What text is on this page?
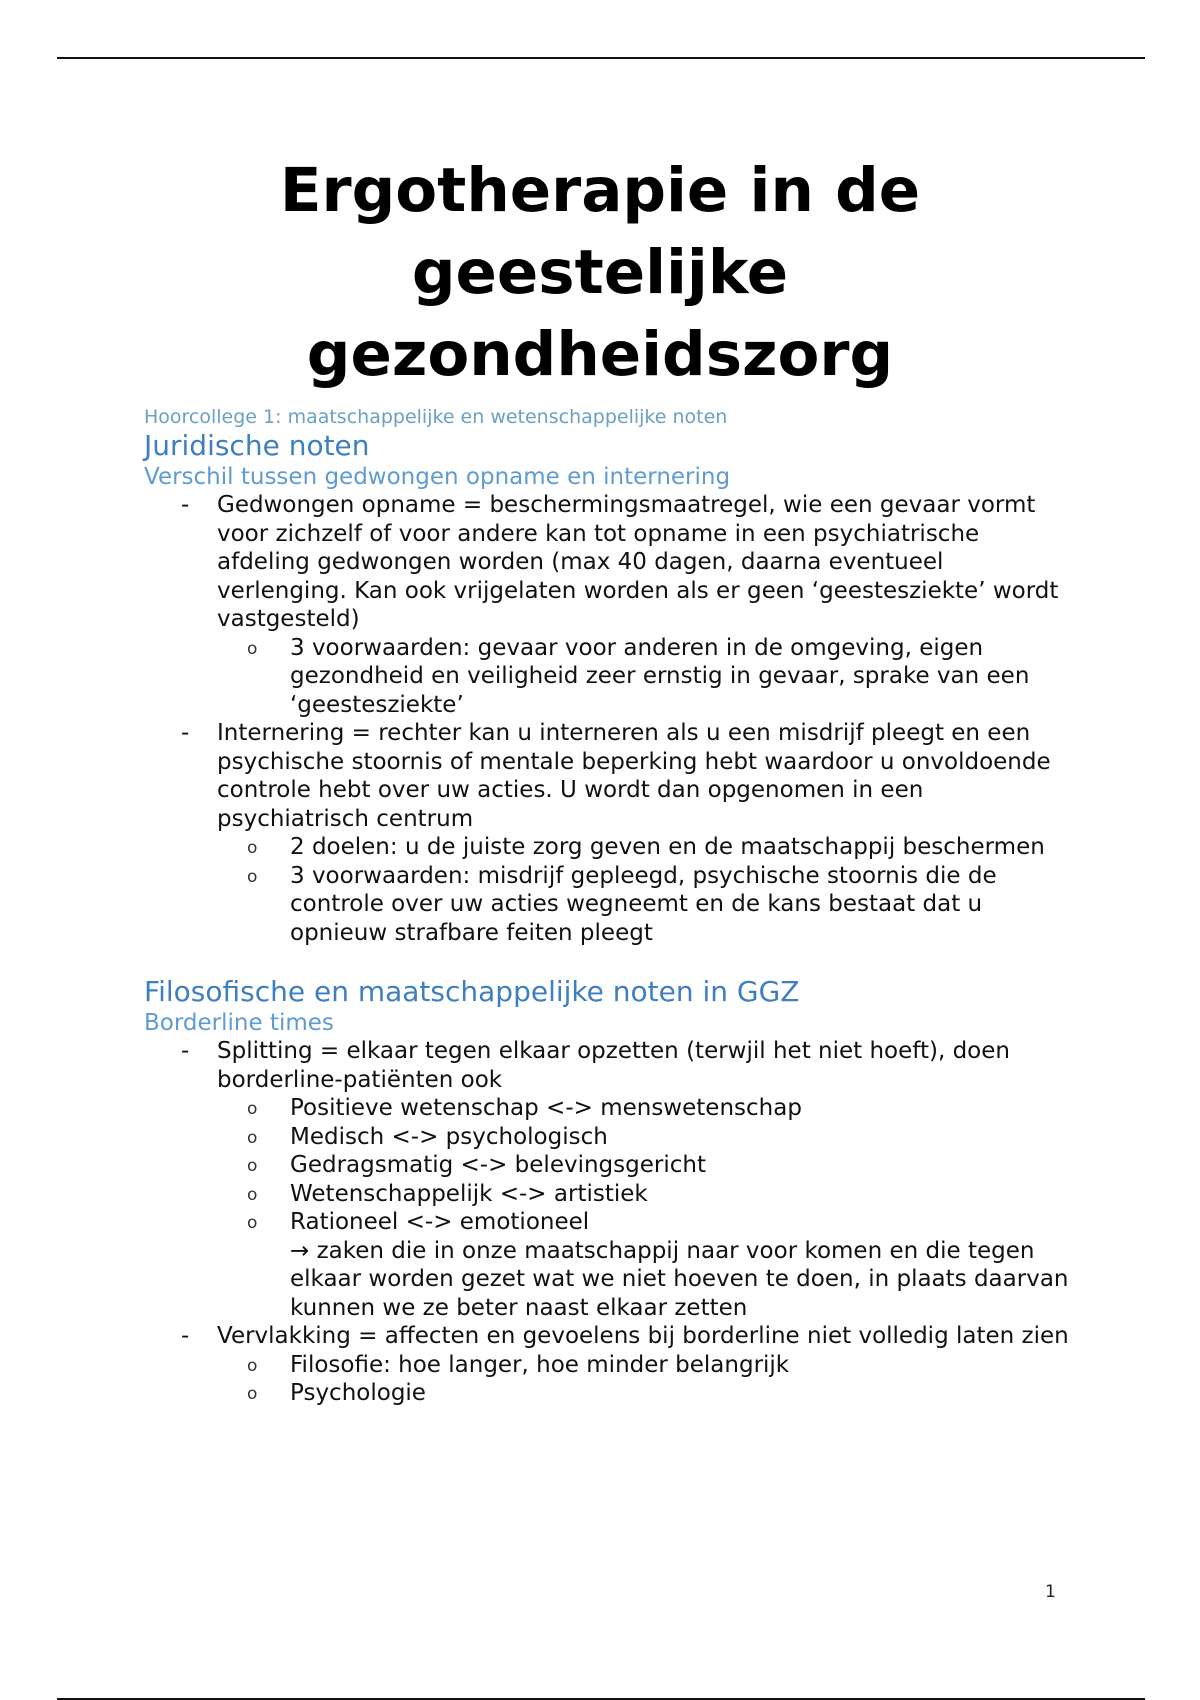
Ergotherapie in de geestelijke gezondheidszorg
Hoorcollege 1: maatschappelijke en wetenschappelijke noten
Juridische noten
Verschil tussen gedwongen opname en internering
- Gedwongen opname = beschermingsmaatregel, wie een gevaar vormt voor zichzelf of voor andere kan tot opname in een psychiatrische afdeling gedwongen worden (max 40 dagen, daarna eventueel verlenging. Kan ook vrijgelaten worden als er geen ‘geestesziekte’ wordt vastgesteld)
o 3 voorwaarden: gevaar voor anderen in de omgeving, eigen gezondheid en veiligheid zeer ernstig in gevaar, sprake van een ‘geestesziekte’
- Internering = rechter kan u interneren als u een misdrijf pleegt en een psychische stoornis of mentale beperking hebt waardoor u onvoldoende controle hebt over uw acties. U wordt dan opgenomen in een psychiatrisch centrum
o 2 doelen: u de juiste zorg geven en de maatschappij beschermen
o 3 voorwaarden: misdrijf gepleegd, psychische stoornis die de controle over uw acties wegneemt en de kans bestaat dat u opnieuw strafbare feiten pleegt
Filosofische en maatschappelijke noten in GGZ
Borderline times
- Splitting = elkaar tegen elkaar opzetten (terwjil het niet hoeft), doen borderline-patiënten ook
o Positieve wetenschap <-> menswetenschap
o Medisch <-> psychologisch
o Gedragsmatig <-> belevingsgericht
o Wetenschappelijk <-> artistiek
o Rationeel <-> emotioneel
→ zaken die in onze maatschappij naar voor komen en die tegen elkaar worden gezet wat we niet hoeven te doen, in plaats daarvan kunnen we ze beter naast elkaar zetten
- Vervlakking = affecten en gevoelens bij borderline niet volledig laten zien
o Filosofie: hoe langer, hoe minder belangrijk
o Psychologie
1
